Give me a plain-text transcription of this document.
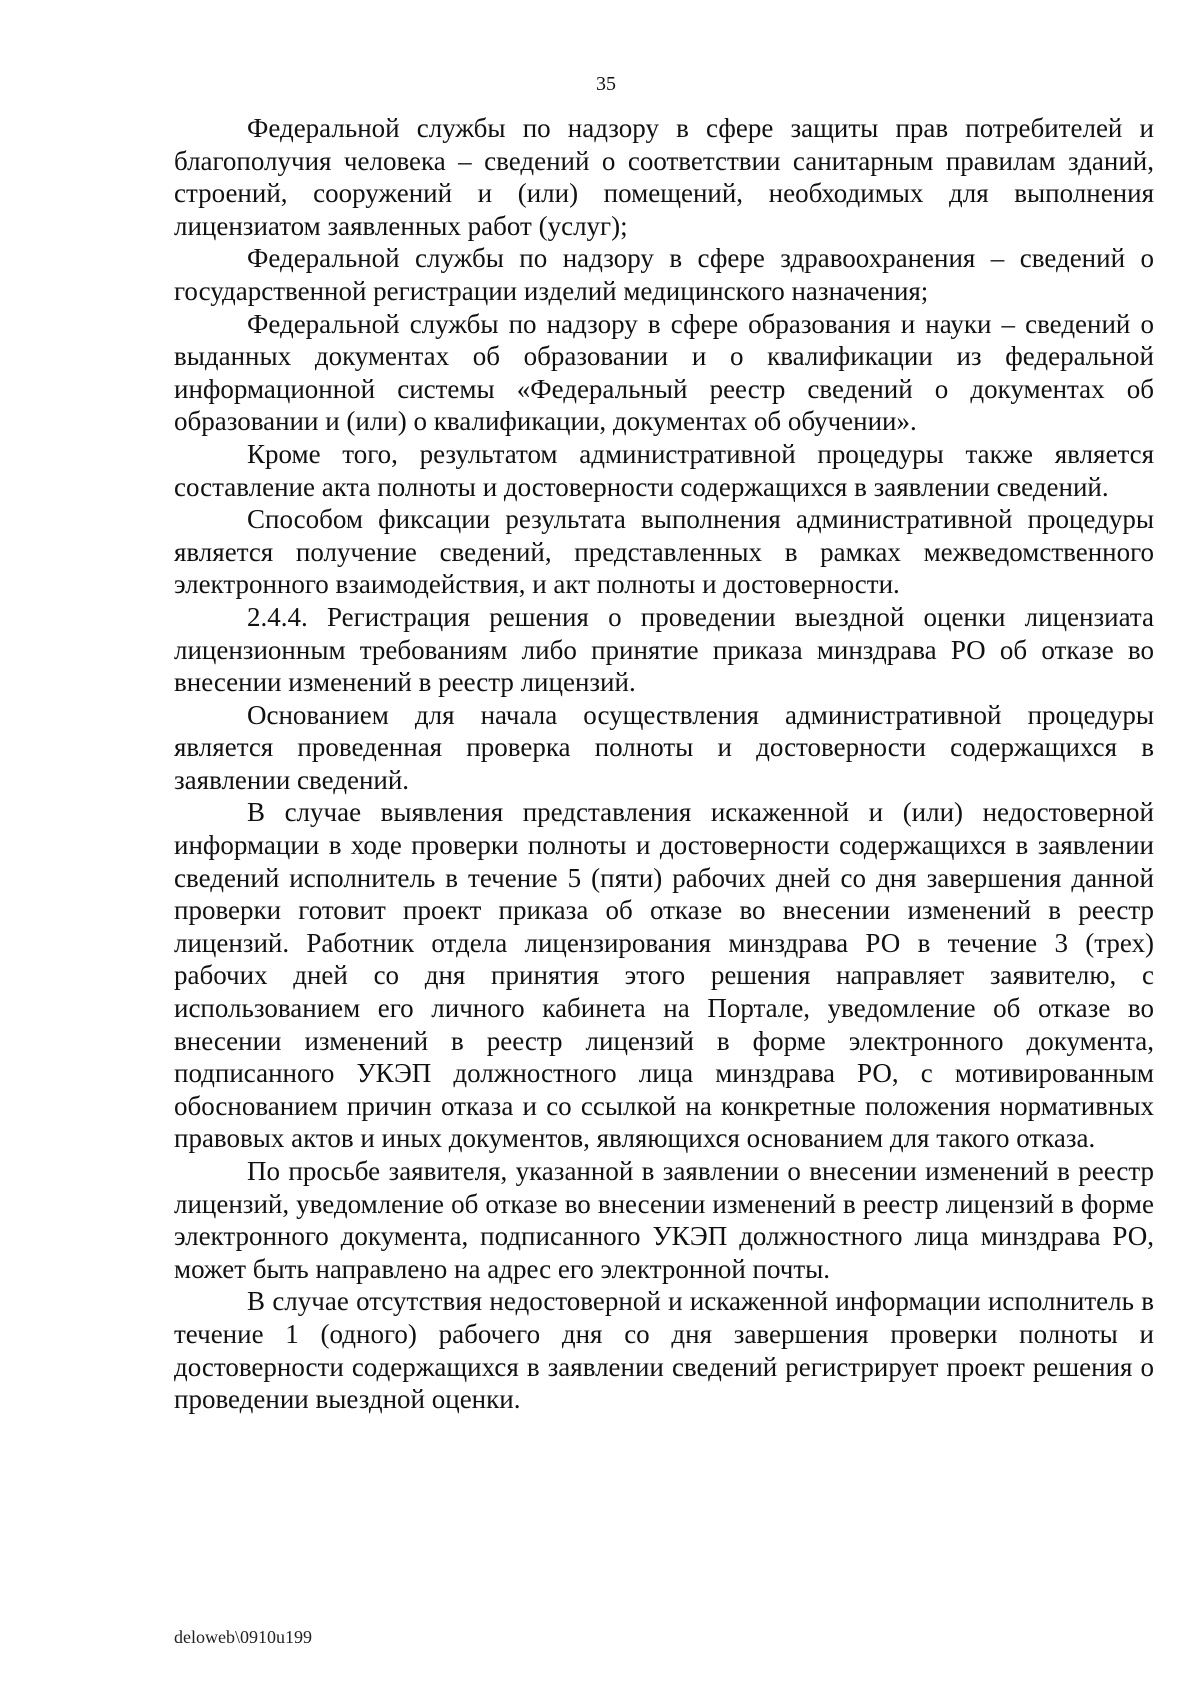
35

Федеральной службы по надзору в сфере защиты прав потребителей и благополучия человека – сведений о соответствии санитарным правилам зданий, строений, сооружений и (или) помещений, необходимых для выполнения лицензиатом заявленных работ (услуг);

Федеральной службы по надзору в сфере здравоохранения – сведений о государственной регистрации изделий медицинского назначения;

Федеральной службы по надзору в сфере образования и науки – сведений о выданных документах об образовании и о квалификации из федеральной информационной системы «Федеральный реестр сведений о документах об образовании и (или) о квалификации, документах об обучении».

Кроме того, результатом административной процедуры также является составление акта полноты и достоверности содержащихся в заявлении сведений.

Способом фиксации результата выполнения административной процедуры является получение сведений, представленных в рамках межведомственного электронного взаимодействия, и акт полноты и достоверности.

2.4.4. Регистрация решения о проведении выездной оценки лицензиата лицензионным требованиям либо принятие приказа минздрава РО об отказе во внесении изменений в реестр лицензий.

Основанием для начала осуществления административной процедуры является проведенная проверка полноты и достоверности содержащихся в заявлении сведений.

В случае выявления представления искаженной и (или) недостоверной информации в ходе проверки полноты и достоверности содержащихся в заявлении сведений исполнитель в течение 5 (пяти) рабочих дней со дня завершения данной проверки готовит проект приказа об отказе во внесении изменений в реестр лицензий. Работник отдела лицензирования минздрава РО в течение 3 (трех) рабочих дней со дня принятия этого решения направляет заявителю, с использованием его личного кабинета на Портале, уведомление об отказе во внесении изменений в реестр лицензий в форме электронного документа, подписанного УКЭП должностного лица минздрава РО, с мотивированным обоснованием причин отказа и со ссылкой на конкретные положения нормативных правовых актов и иных документов, являющихся основанием для такого отказа.

По просьбе заявителя, указанной в заявлении о внесении изменений в реестр лицензий, уведомление об отказе во внесении изменений в реестр лицензий в форме электронного документа, подписанного УКЭП должностного лица минздрава РО, может быть направлено на адрес его электронной почты.

В случае отсутствия недостоверной и искаженной информации исполнитель в течение 1 (одного) рабочего дня со дня завершения проверки полноты и достоверности содержащихся в заявлении сведений регистрирует проект решения о проведении выездной оценки.

deloweb\0910u199
